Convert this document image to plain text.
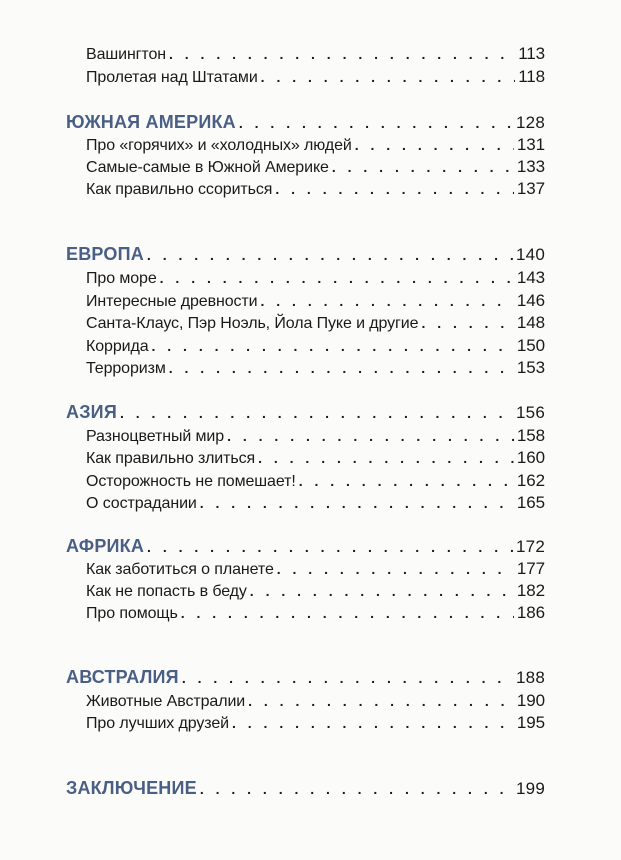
Вашингтон . . .	113
Пролетая над Штатами . . .	118
ЮЖНАЯ АМЕРИКА . . .	128
Про «горячих» и «холодных» людей . . .	131
Самые-самые в Южной Америке . . .	133
Как правильно ссориться . . .	137
ЕВРОПА . . .	140
Про море . . .	143
Интересные древности . . .	146
Санта-Клаус, Пэр Ноэль, Йола Пуке и другие . . .	148
Коррида . . .	150
Терроризм . . .	153
АЗИЯ . . .	156
Разноцветный мир . . .	158
Как правильно злиться . . .	160
Осторожность не помешает! . . .	162
О сострадании . . .	165
АФРИКА . . .	172
Как заботиться о планете . . .	177
Как не попасть в беду . . .	182
Про помощь . . .	186
АВСТРАЛИЯ . . .	188
Животные Австралии . . .	190
Про лучших друзей . . .	195
ЗАКЛЮЧЕНИЕ . . .	199
